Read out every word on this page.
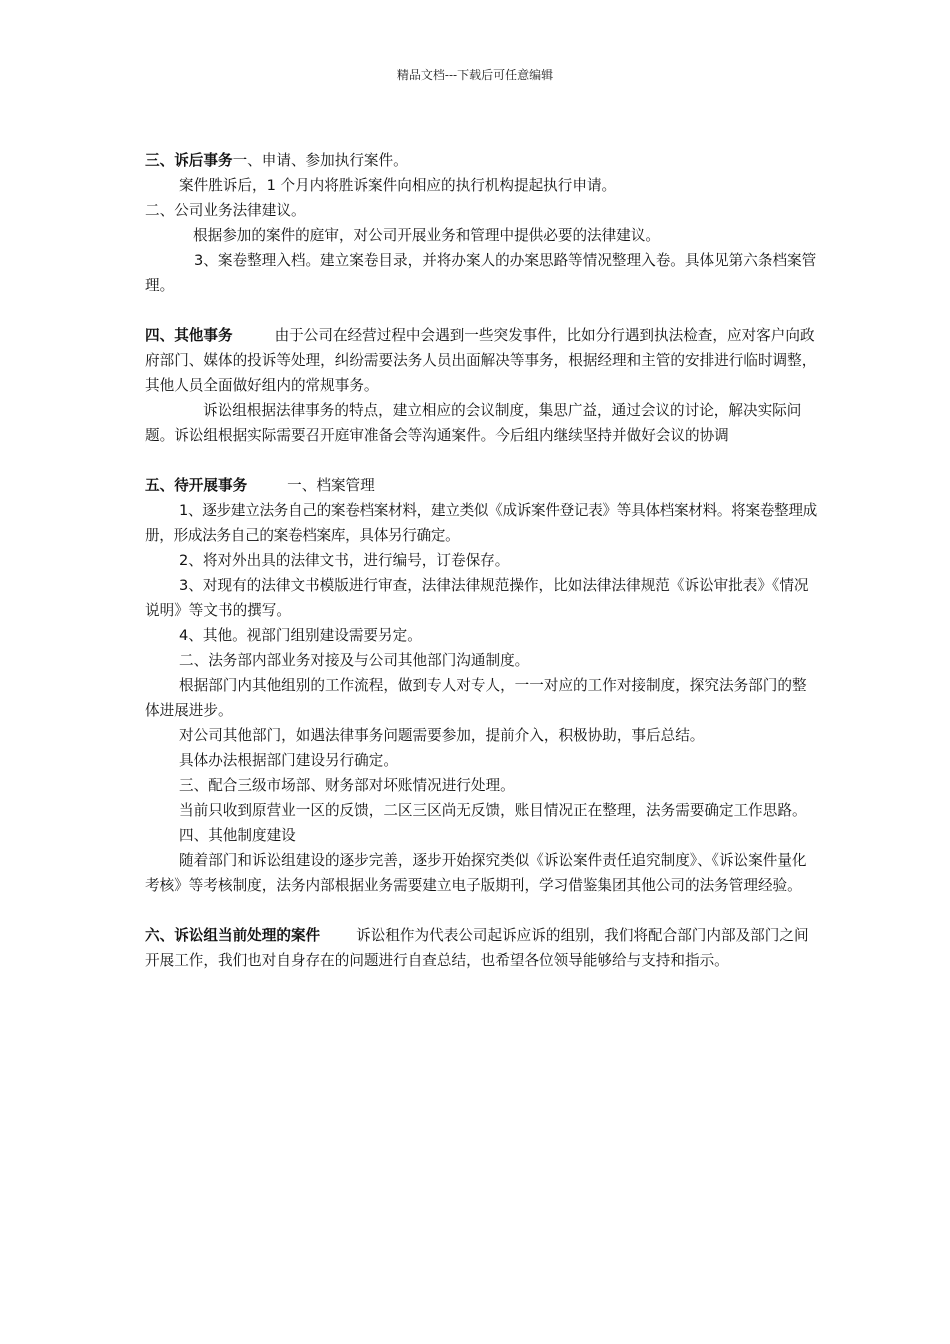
精品文档---下载后可任意编辑

三、诉后事务一、申请、参加执行案件。

案件胜诉后，1 个月内将胜诉案件向相应的执行机构提起执行申请。

二、公司业务法律建议。

根据参加的案件的庭审，对公司开展业务和管理中提供必要的法律建议。

3、案卷整理入档。建立案卷目录，并将办案人的办案思路等情况整理入卷。具体见第六条档案管理。

四、其他事务	由于公司在经营过程中会遇到一些突发事件，比如分行遇到执法检查，应对客户向政府部门、媒体的投诉等处理，纠纷需要法务人员出面解决等事务，根据经理和主管的安排进行临时调整，其他人员全面做好组内的常规事务。

诉讼组根据法律事务的特点，建立相应的会议制度，集思广益，通过会议的讨论，解决实际问题。诉讼组根据实际需要召开庭审准备会等沟通案件。今后组内继续坚持并做好会议的协调

五、待开展事务	一、档案管理

1、逐步建立法务自己的案卷档案材料，建立类似《成诉案件登记表》等具体档案材料。将案卷整理成册，形成法务自己的案卷档案库，具体另行确定。

2、将对外出具的法律文书，进行编号，订卷保存。

3、对现有的法律文书模版进行审查，法律法律规范操作，比如法律法律规范《诉讼审批表》《情况说明》等文书的撰写。

4、其他。视部门组别建设需要另定。

二、法务部内部业务对接及与公司其他部门沟通制度。

根据部门内其他组别的工作流程，做到专人对专人，一一对应的工作对接制度，探究法务部门的整体进展进步。

对公司其他部门，如遇法律事务问题需要参加，提前介入，积极协助，事后总结。

具体办法根据部门建设另行确定。

三、配合三级市场部、财务部对坏账情况进行处理。

当前只收到原营业一区的反馈，二区三区尚无反馈，账目情况正在整理，法务需要确定工作思路。

四、其他制度建设

随着部门和诉讼组建设的逐步完善，逐步开始探究类似《诉讼案件责任追究制度》、《诉讼案件量化考核》等考核制度，法务内部根据业务需要建立电子版期刊，学习借鉴集团其他公司的法务管理经验。

六、诉讼组当前处理的案件 诉讼租作为代表公司起诉应诉的组别，我们将配合部门内部及部门之间开展工作，我们也对自身存在的问题进行自查总结，也希望各位领导能够给与支持和指示。
